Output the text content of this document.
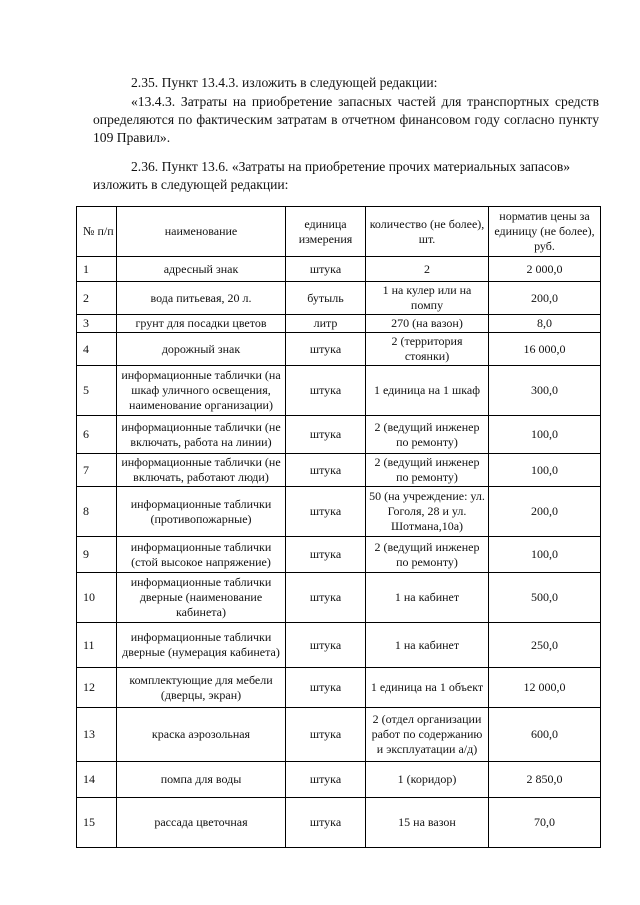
2.35. Пункт 13.4.3. изложить в следующей редакции:
«13.4.3. Затраты на приобретение запасных частей для транспортных средств определяются по фактическим затратам в отчетном финансовом году согласно пункту 109 Правил».
2.36. Пункт 13.6. «Затраты на приобретение прочих материальных запасов» изложить в следующей редакции:
№ п/п	наименование	единица измерения	количество (не более), шт.	норматив цены за единицу (не более), руб.
1	адресный знак	штука	2	2 000,0
2	вода питьевая, 20 л.	бутыль	1 на кулер или на помпу	200,0
3	грунт для посадки цветов	литр	270 (на вазон)	8,0
4	дорожный знак	штука	2 (территория стоянки)	16 000,0
5	информационные таблички (на шкаф уличного освещения, наименование организации)	штука	1 единица на 1 шкаф	300,0
6	информационные таблички (не включать, работа на линии)	штука	2 (ведущий инженер по ремонту)	100,0
7	информационные таблички (не включать, работают люди)	штука	2 (ведущий инженер по ремонту)	100,0
8	информационные таблички (противопожарные)	штука	50 (на учреждение: ул. Гоголя, 28 и ул. Шотмана,10а)	200,0
9	информационные таблички (стой высокое напряжение)	штука	2 (ведущий инженер по ремонту)	100,0
10	информационные таблички дверные (наименование кабинета)	штука	1 на кабинет	500,0
11	информационные таблички дверные (нумерация кабинета)	штука	1 на кабинет	250,0
12	комплектующие для мебели (дверцы, экран)	штука	1 единица на 1 объект	12 000,0
13	краска аэрозольная	штука	2 (отдел организации работ по содержанию и эксплуатации а/д)	600,0
14	помпа для воды	штука	1 (коридор)	2 850,0
15	рассада цветочная	штука	15 на вазон	70,0
